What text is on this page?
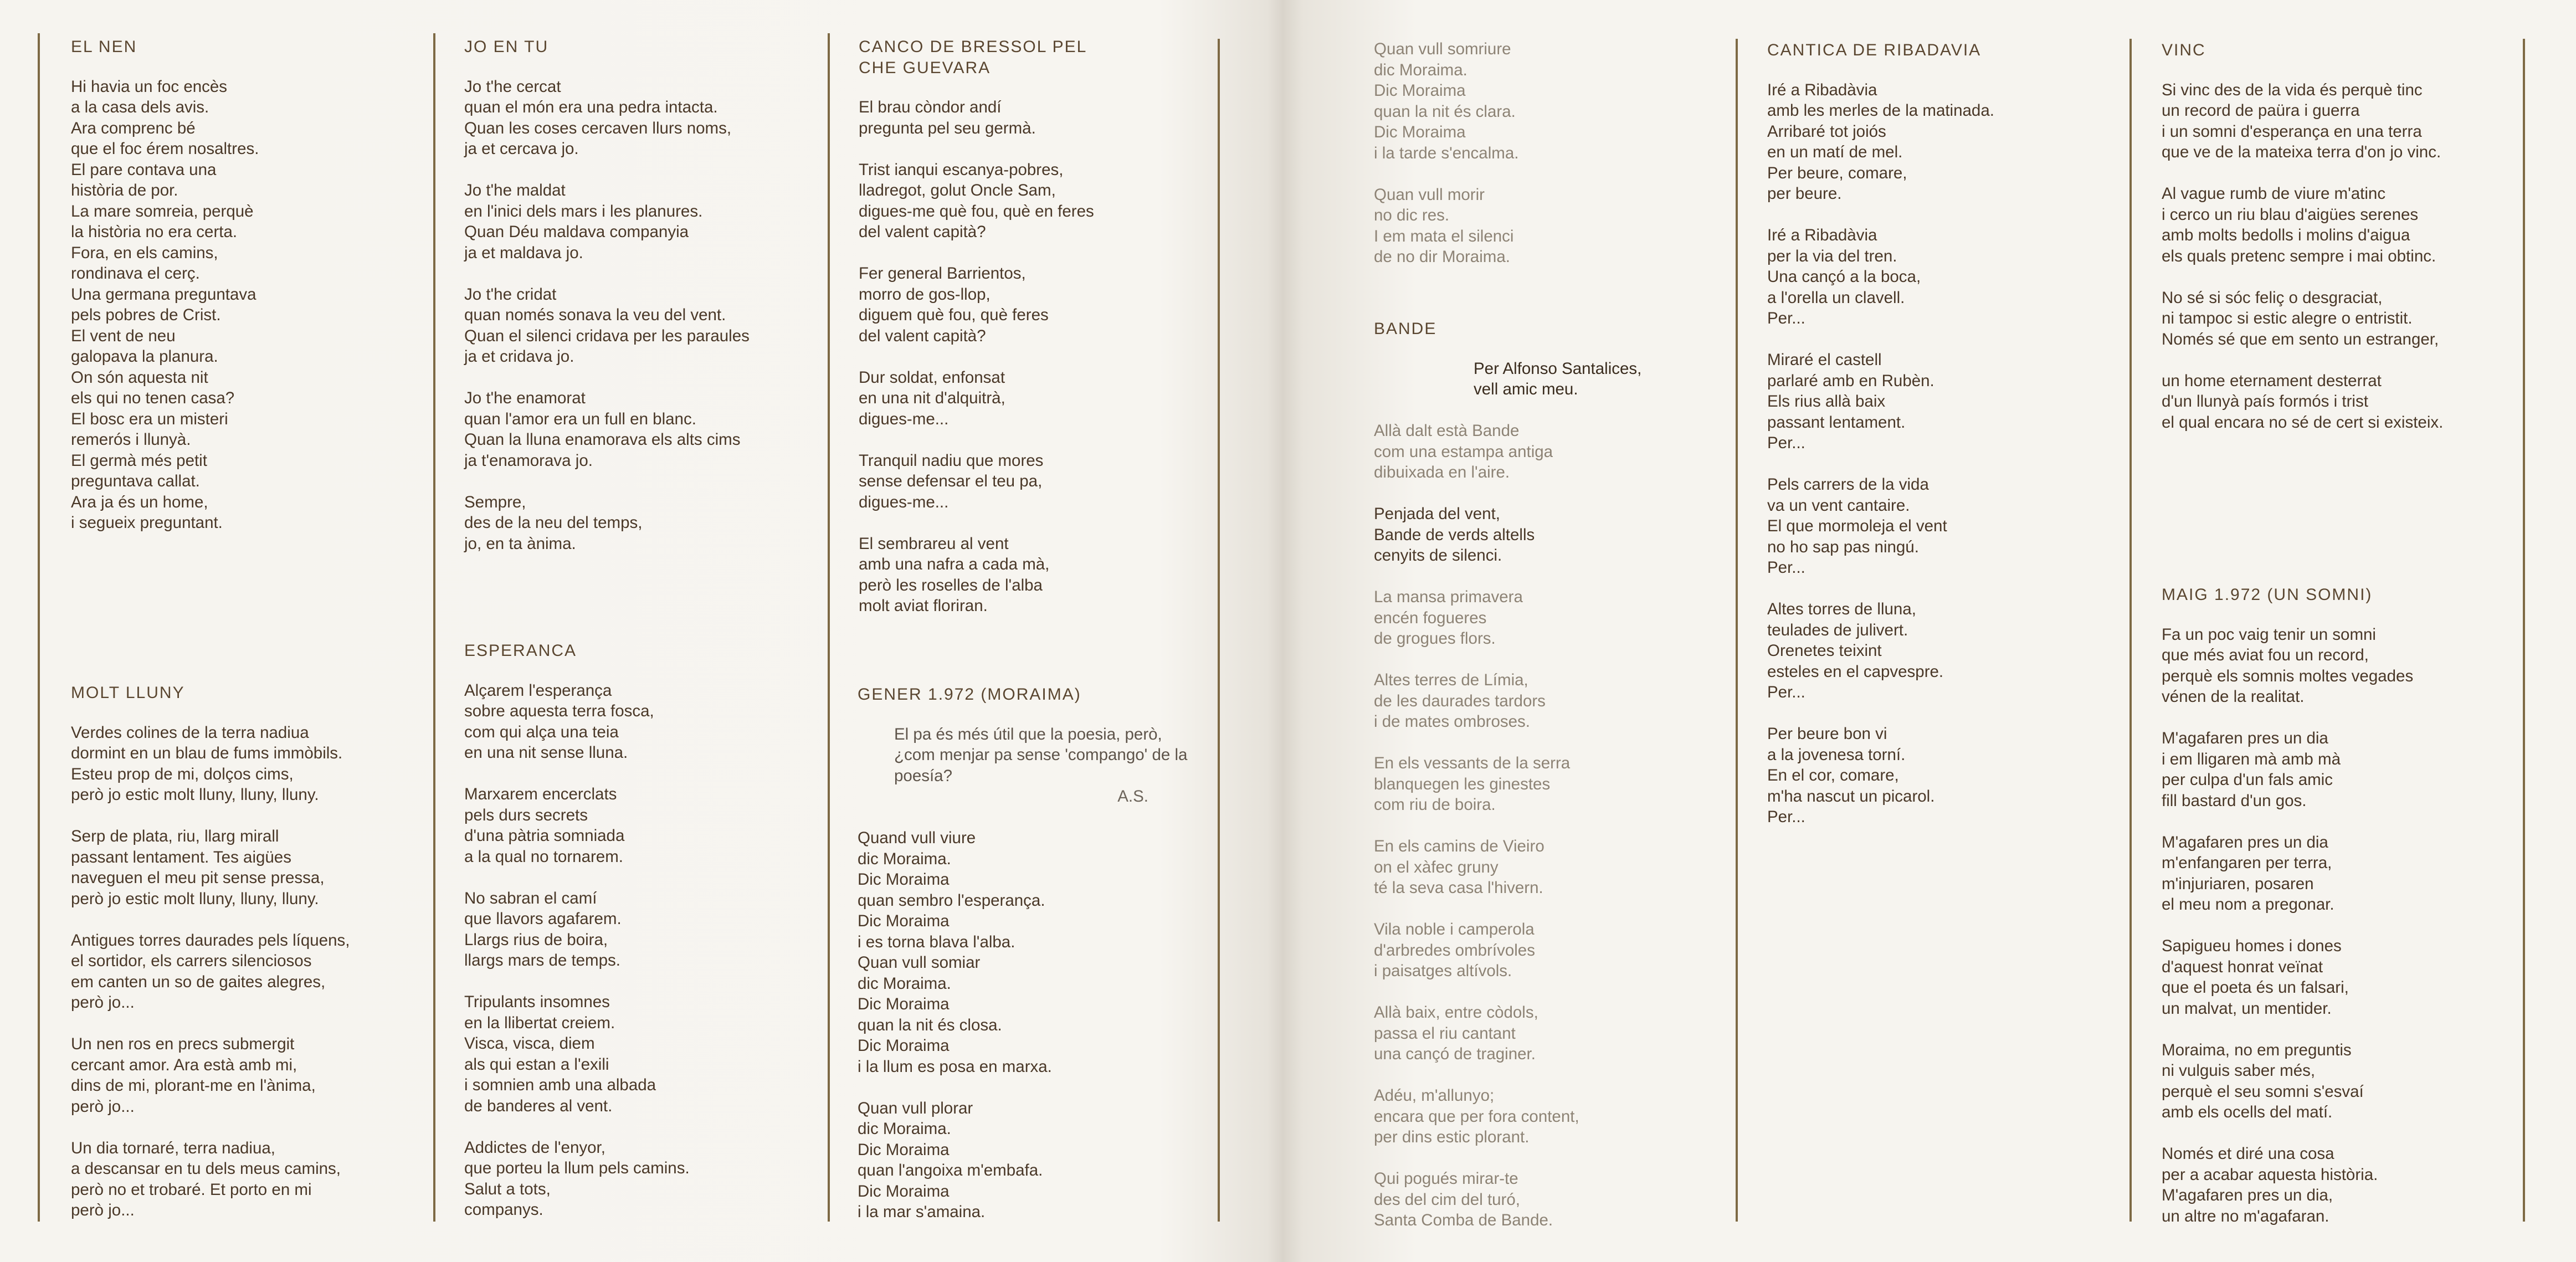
EL NEN

Hi havia un foc encès
a la casa dels avis.
Ara comprenc bé
que el foc érem nosaltres.
El pare contava una
història de por.
La mare somreia, perquè
la història no era certa.
Fora, en els camins,
rondinava el cerç.
Una germana preguntava
pels pobres de Crist.
El vent de neu
galopava la planura.
On són aquesta nit
els qui no tenen casa?
El bosc era un misteri
remerós i llunyà.
El germà més petit
preguntava callat.
Ara ja és un home,
i segueix preguntant.

MOLT LLUNY

Verdes colines de la terra nadiua
dormint en un blau de fums immòbils.
Esteu prop de mi, dolços cims,
però jo estic molt lluny, lluny, lluny.

Serp de plata, riu, llarg mirall
passant lentament. Tes aigües
naveguen el meu pit sense pressa,
però jo estic molt lluny, lluny, lluny.

Antigues torres daurades pels líquens,
el sortidor, els carrers silenciosos
em canten un so de gaites alegres,
però jo...

Un nen ros en precs submergit
cercant amor. Ara està amb mi,
dins de mi, plorant-me en l'ànima,
però jo...

Un dia tornaré, terra nadiua,
a descansar en tu dels meus camins,
però no et trobaré. Et porto en mi
però jo...

JO EN TU

Jo t'he cercat
quan el món era una pedra intacta.
Quan les coses cercaven llurs noms,
ja et cercava jo.

Jo t'he maldat
en l'inici dels mars i les planures.
Quan Déu maldava companyia
ja et maldava jo.

Jo t'he cridat
quan només sonava la veu del vent.
Quan el silenci cridava per les paraules
ja et cridava jo.

Jo t'he enamorat
quan l'amor era un full en blanc.
Quan la lluna enamorava els alts cims
ja t'enamorava jo.

Sempre,
des de la neu del temps,
jo, en ta ànima.

ESPERANCA

Alçarem l'esperança
sobre aquesta terra fosca,
com qui alça una teia
en una nit sense lluna.

Marxarem encerclats
pels durs secrets
d'una pàtria somniada
a la qual no tornarem.

No sabran el camí
que llavors agafarem.
Llargs rius de boira,
llargs mars de temps.

Tripulants insomnes
en la llibertat creiem.
Visca, visca, diem
als qui estan a l'exili
i somnien amb una albada
de banderes al vent.

Addictes de l'enyor,
que porteu la llum pels camins.
Salut a tots,
companys.

CANCO DE BRESSOL PEL
CHE GUEVARA

El brau còndor andí
pregunta pel seu germà.

Trist ianqui escanya-pobres,
lladregot, golut Oncle Sam,
digues-me què fou, què en feres
del valent capità?

Fer general Barrientos,
morro de gos-llop,
diguem què fou, què feres
del valent capità?

Dur soldat, enfonsat
en una nit d'alquitrà,
digues-me...

Tranquil nadiu que mores
sense defensar el teu pa,
digues-me...

El sembrareu al vent
amb una nafra a cada mà,
però les roselles de l'alba
molt aviat floriran.

GENER 1.972 (MORAIMA)

El pa és més útil que la poesia, però,
¿com menjar pa sense 'compango' de la
poesía?

A.S.

Quand vull viure
dic Moraima.
Dic Moraima
quan sembro l'esperança.
Dic Moraima
i es torna blava l'alba.
Quan vull somiar
dic Moraima.
Dic Moraima
quan la nit és closa.
Dic Moraima
i la llum es posa en marxa.

Quan vull plorar
dic Moraima.
Dic Moraima
quan l'angoixa m'embafa.
Dic Moraima
i la mar s'amaina.

Quan vull somriure
dic Moraima.
Dic Moraima
quan la nit és clara.
Dic Moraima
i la tarde s'encalma.

Quan vull morir
no dic res.
I em mata el silenci
de no dir Moraima.

BANDE

Per Alfonso Santalices,
vell amic meu.

Allà dalt està Bande
com una estampa antiga
dibuixada en l'aire.

Penjada del vent,
Bande de verds altells
cenyits de silenci.

La mansa primavera
encén fogueres
de grogues flors.

Altes terres de Límia,
de les daurades tardors
i de mates ombroses.

En els vessants de la serra
blanquegen les ginestes
com riu de boira.

En els camins de Vieiro
on el xàfec gruny
té la seva casa l'hivern.

Vila noble i camperola
d'arbredes ombrívoles
i paisatges altívols.

Allà baix, entre còdols,
passa el riu cantant
una cançó de traginer.

Adéu, m'allunyo;
encara que per fora content,
per dins estic plorant.

Qui pogués mirar-te
des del cim del turó,
Santa Comba de Bande.

CANTICA DE RIBADAVIA

Iré a Ribadàvia
amb les merles de la matinada.
Arribaré tot joiós
en un matí de mel.
Per beure, comare,
per beure.

Iré a Ribadàvia
per la via del tren.
Una cançó a la boca,
a l'orella un clavell.
Per...

Miraré el castell
parlaré amb en Rubèn.
Els rius allà baix
passant lentament.
Per...

Pels carrers de la vida
va un vent cantaire.
El que mormoleja el vent
no ho sap pas ningú.
Per...

Altes torres de lluna,
teulades de julivert.
Orenetes teixint
esteles en el capvespre.
Per...

Per beure bon vi
a la jovenesa torní.
En el cor, comare,
m'ha nascut un picarol.
Per...

VINC

Si vinc des de la vida és perquè tinc
un record de paüra i guerra
i un somni d'esperança en una terra
que ve de la mateixa terra d'on jo vinc.

Al vague rumb de viure m'atinc
i cerco un riu blau d'aigües serenes
amb molts bedolls i molins d'aigua
els quals pretenc sempre i mai obtinc.

No sé si sóc feliç o desgraciat,
ni tampoc si estic alegre o entristit.
Només sé que em sento un estranger,

un home eternament desterrat
d'un llunyà país formós i trist
el qual encara no sé de cert si existeix.

MAIG 1.972 (UN SOMNI)

Fa un poc vaig tenir un somni
que més aviat fou un record,
perquè els somnis moltes vegades
vénen de la realitat.

M'agafaren pres un dia
i em lligaren mà amb mà
per culpa d'un fals amic
fill bastard d'un gos.

M'agafaren pres un dia
m'enfangaren per terra,
m'injuriaren, posaren
el meu nom a pregonar.

Sapigueu homes i dones
d'aquest honrat veïnat
que el poeta és un falsari,
un malvat, un mentider.

Moraima, no em preguntis
ni vulguis saber més,
perquè el seu somni s'esvaí
amb els ocells del matí.

Només et diré una cosa
per a acabar aquesta història.
M'agafaren pres un dia,
un altre no m'agafaran.
